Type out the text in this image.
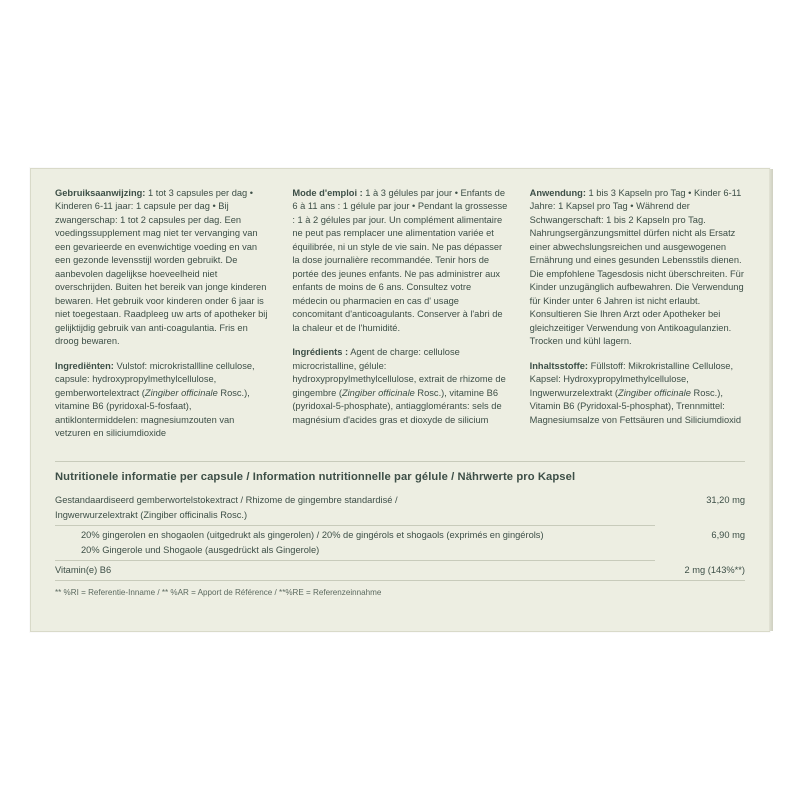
Gebruiksaanwijzing: 1 tot 3 capsules per dag • Kinderen 6-11 jaar: 1 capsule per dag • Bij zwangerschap: 1 tot 2 capsules per dag. Een voedingssupplement mag niet ter vervanging van een gevarieerde en evenwichtige voeding en van een gezonde levensstijl worden gebruikt. De aanbevolen dagelijkse hoeveelheid niet overschrijden. Buiten het bereik van jonge kinderen bewaren. Het gebruik voor kinderen onder 6 jaar is niet toegestaan. Raadpleeg uw arts of apotheker bij gelijktijdig gebruik van anti-coagulantia. Fris en droog bewaren.

Ingrediënten: Vulstof: microkristallline cellulose, capsule: hydroxypropylmethylcellulose, gemberwortelextract (Zingiber officinale Rosc.), vitamine B6 (pyridoxal-5-fosfaat), antiklontermiddelen: magnesiumzouten van vetzuren en siliciumdioxide

Mode d'emploi : 1 à 3 gélules par jour • Enfants de 6 à 11 ans : 1 gélule par jour • Pendant la grossesse : 1 à 2 gélules par jour. Un complément alimentaire ne peut pas remplacer une alimentation variée et équilibrée, ni un style de vie sain. Ne pas dépasser la dose journalière recommandée. Tenir hors de portée des jeunes enfants. Ne pas administrer aux enfants de moins de 6 ans. Consultez votre médecin ou pharmacien en cas d' usage concomitant d'anticoagulants. Conserver à l'abri de la chaleur et de l'humidité.

Ingrédients : Agent de charge: cellulose microcristalline, gélule: hydroxypropylmethylcellulose, extrait de rhizome de gingembre (Zingiber officinale Rosc.), vitamine B6 (pyridoxal-5-phosphate), antiagglomérants: sels de magnésium d'acides gras et dioxyde de silicium

Anwendung: 1 bis 3 Kapseln pro Tag • Kinder 6-11 Jahre: 1 Kapsel pro Tag • Während der Schwangerschaft: 1 bis 2 Kapseln pro Tag. Nahrungsergänzungsmittel dürfen nicht als Ersatz einer abwechslungsreichen und ausgewogenen Ernährung und eines gesunden Lebensstils dienen. Die empfohlene Tagesdosis nicht überschreiten. Für Kinder unzugänglich aufbewahren. Die Verwendung für Kinder unter 6 Jahren ist nicht erlaubt. Konsultieren Sie Ihren Arzt oder Apotheker bei gleichzeitiger Verwendung von Antikoagulanzien. Trocken und kühl lagern.

Inhaltsstoffe: Füllstoff: Mikrokristalline Cellulose, Kapsel: Hydroxypropylmethylcellulose, Ingwerwurzelextrakt (Zingiber officinale Rosc.), Vitamin B6 (Pyridoxal-5-phosphat), Trennmittel: Magnesiumsalze von Fettsäuren und Siliciumdioxid

Nutritionele informatie per capsule / Information nutritionnelle par gélule / Nährwerte pro Kapsel
Gestandaardiseerd gemberwortelstokextract / Rhizome de gingembre standardisé /	31,20 mg
Ingwerwurzelextrakt (Zingiber officinalis Rosc.)	
20% gingerolen en shogaolen (uitgedrukt als gingerolen) / 20% de gingérols et shogaols (exprimés en gingérols)	6,90 mg
20% Gingerole und Shogaole (ausgedrückt als Gingerole)	
Vitamin(e) B6	2 mg (143%**)
** %RI = Referentie-Inname / ** %AR = Apport de Référence / **%RE = Referenzeinnahme
